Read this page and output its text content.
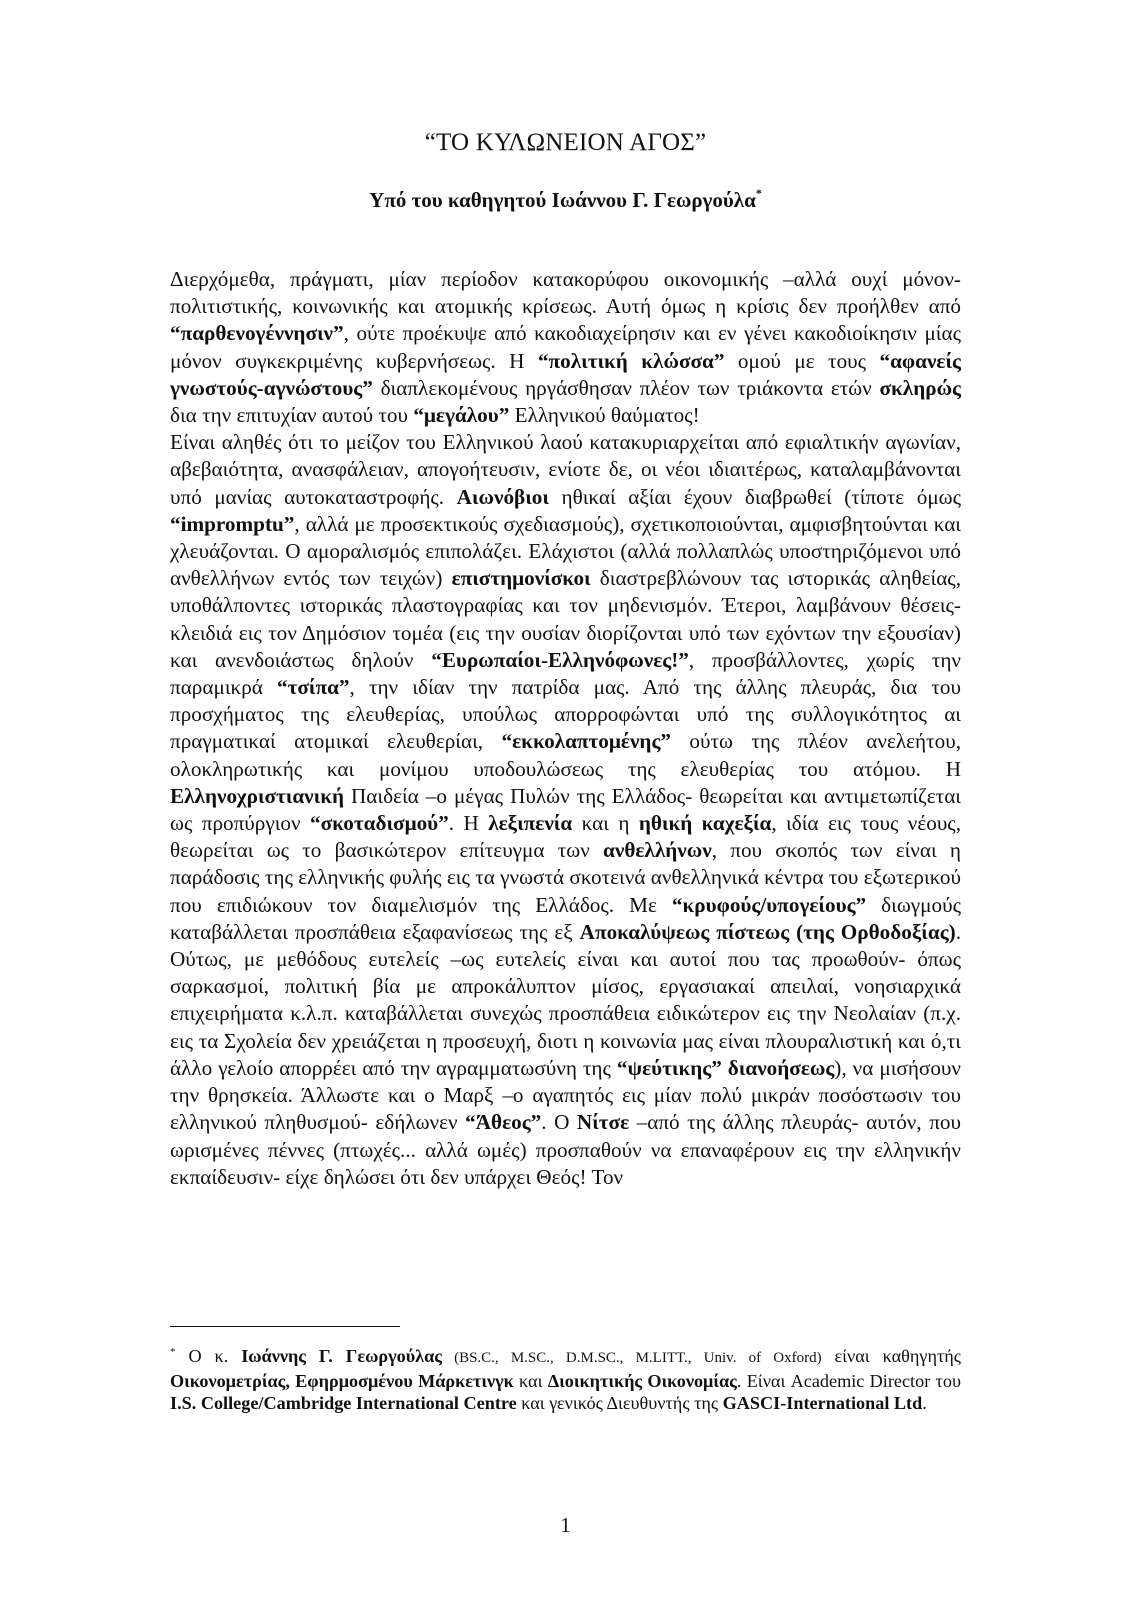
“ΤΟ ΚΥΛΩΝΕΙΟΝ ΑΓΟΣ”
Υπό του καθηγητού Ιωάννου Γ. Γεωργούλα*

Διερχόμεθα, πράγματι, μίαν περίοδον κατακορύφου οικονομικής –αλλά ουχί μόνον- πολιτιστικής, κοινωνικής και ατομικής κρίσεως. Αυτή όμως η κρίσις δεν προήλθεν από “παρθενογέννησιν”, ούτε προέκυψε από κακοδιαχείρησιν και εν γένει κακοδιοίκησιν μίας μόνον συγκεκριμένης κυβερνήσεως. Η “πολιτική κλώσσα” ομού με τους “αφανείς γνωστούς-αγνώστους” διαπλεκομένους ηργάσθησαν πλέον των τριάκοντα ετών σκληρώς δια την επιτυχίαν αυτού του “μεγάλου” Ελληνικού θαύματος!

Είναι αληθές ότι το μείζον του Ελληνικού λαού κατακυριαρχείται από εφιαλτικήν αγωνίαν, αβεβαιότητα, ανασφάλειαν, απογοήτευσιν, ενίοτε δε, οι νέοι ιδιαιτέρως, καταλαμβάνονται υπό μανίας αυτοκαταστροφής. Αιωνόβιοι ηθικαί αξίαι έχουν διαβρωθεί (τίποτε όμως “impromptu”, αλλά με προσεκτικούς σχεδιασμούς), σχετικοποιούνται, αμφισβητούνται και χλευάζονται. Ο αμοραλισμός επιπολάζει. Ελάχιστοι (αλλά πολλαπλώς υποστηριζόμενοι υπό ανθελλήνων εντός των τειχών) επιστημονίσκοι διαστρεβλώνουν τας ιστορικάς αληθείας, υποθάλποντες ιστορικάς πλαστογραφίας και τον μηδενισμόν. Έτεροι, λαμβάνουν θέσεις-κλειδιά εις τον Δημόσιον τομέα (εις την ουσίαν διορίζονται υπό των εχόντων την εξουσίαν) και ανενδοιάστως δηλούν “Ευρωπαίοι-Ελληνόφωνες!”, προσβάλλοντες, χωρίς την παραμικρά “τσίπα”, την ιδίαν την πατρίδα μας. Από της άλλης πλευράς, δια του προσχήματος της ελευθερίας, υπούλως απορροφώνται υπό της συλλογικότητος αι πραγματικαί ατομικαί ελευθερίαι, “εκκολαπτομένης” ούτω της πλέον ανελεήτου, ολοκληρωτικής και μονίμου υποδουλώσεως της ελευθερίας του ατόμου. Η Ελληνοχριστιανική Παιδεία –ο μέγας Πυλών της Ελλάδος- θεωρείται και αντιμετωπίζεται ως προπύργιον “σκοταδισμού”. Η λεξιπενία και η ηθική καχεξία, ιδία εις τους νέους, θεωρείται ως το βασικώτερον επίτευγμα των ανθελλήνων, που σκοπός των είναι η παράδοσις της ελληνικής φυλής εις τα γνωστά σκοτεινά ανθελληνικά κέντρα του εξωτερικού που επιδιώκουν τον διαμελισμόν της Ελλάδος. Με “κρυφούς/υπογείους” διωγμούς καταβάλλεται προσπάθεια εξαφανίσεως της εξ Αποκαλύψεως πίστεως (της Ορθοδοξίας). Ούτως, με μεθόδους ευτελείς –ως ευτελείς είναι και αυτοί που τας προωθούν- όπως σαρκασμοί, πολιτική βία με απροκάλυπτον μίσος, εργασιακαί απειλαί, νοησιαρχικά επιχειρήματα κ.λ.π. καταβάλλεται συνεχώς προσπάθεια ειδικώτερον εις την Νεολαίαν (π.χ. εις τα Σχολεία δεν χρειάζεται η προσευχή, διοτι η κοινωνία μας είναι πλουραλιστική και ό,τι άλλο γελοίο απορρέει από την αγραμματωσύνη της “ψεύτικης” διανοήσεως), να μισήσουν την θρησκεία. Άλλωστε και ο Μαρξ –ο αγαπητός εις μίαν πολύ μικράν ποσόστωσιν του ελληνικού πληθυσμού- εδήλωνεν “Άθεος”. Ο Νίτσε –από της άλλης πλευράς- αυτόν, που ωρισμένες πέννες (πτωχές... αλλά ωμές) προσπαθούν να επαναφέρουν εις την ελληνικήν εκπαίδευσιν- είχε δηλώσει ότι δεν υπάρχει Θεός! Τον

* Ο κ. Ιωάννης Γ. Γεωργούλας (BS.C., M.SC., D.M.SC., M.LITT., Univ. of Oxford) είναι καθηγητής Οικονομετρίας, Εφηρμοσμένου Μάρκετινγκ και Διοικητικής Οικονομίας. Είναι Academic Director του I.S. College/Cambridge International Centre και γενικός Διευθυντής της GASCI-International Ltd.
1
